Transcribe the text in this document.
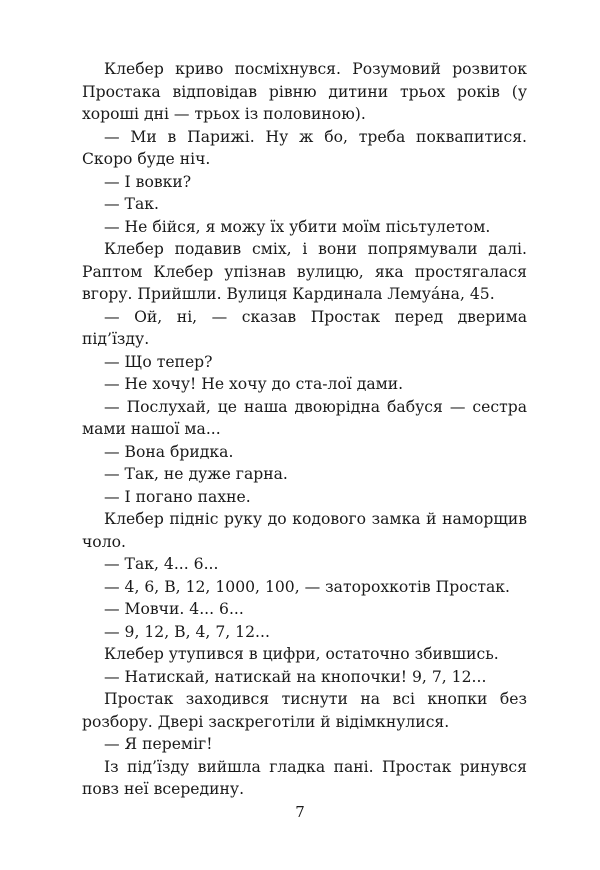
Клебер криво посміхнувся. Розумовий розвиток Простака відповідав рівню дитини трьох років (у хороші дні — трьох із половиною).

— Ми в Парижі. Ну ж бо, треба поквапитися. Скоро буде ніч.

— І вовки?

— Так.

— Не бійся, я можу їх убити моїм пісьтулетом.

Клебер подавив сміх, і вони попрямували далі. Раптом Клебер упізнав вулицю, яка простягалася вгору. Прийшли. Вулиця Кардинала Лемуáна, 45.

— Ой, ні, — сказав Простак перед дверима під’їзду.

— Що тепер?

— Не хочу! Не хочу до ста-лої дами.

— Послухай, це наша двоюрідна бабуся — сестра мами нашої ма...

— Вона бридка.

— Так, не дуже гарна.

— І погано пахне.

Клебер підніс руку до кодового замка й наморщив чоло.

— Так, 4... 6...

— 4, 6, В, 12, 1000, 100, — заторохкотів Простак.

— Мовчи. 4... 6...

— 9, 12, В, 4, 7, 12...

Клебер утупився в цифри, остаточно збившись.

— Натискай, натискай на кнопочки! 9, 7, 12...

Простак заходився тиснути на всі кнопки без розбору. Двері заскреготіли й відімкнулися.

— Я переміг!

Із під’їзду вийшла гладка пані. Простак ринувся повз неї всередину.

7
